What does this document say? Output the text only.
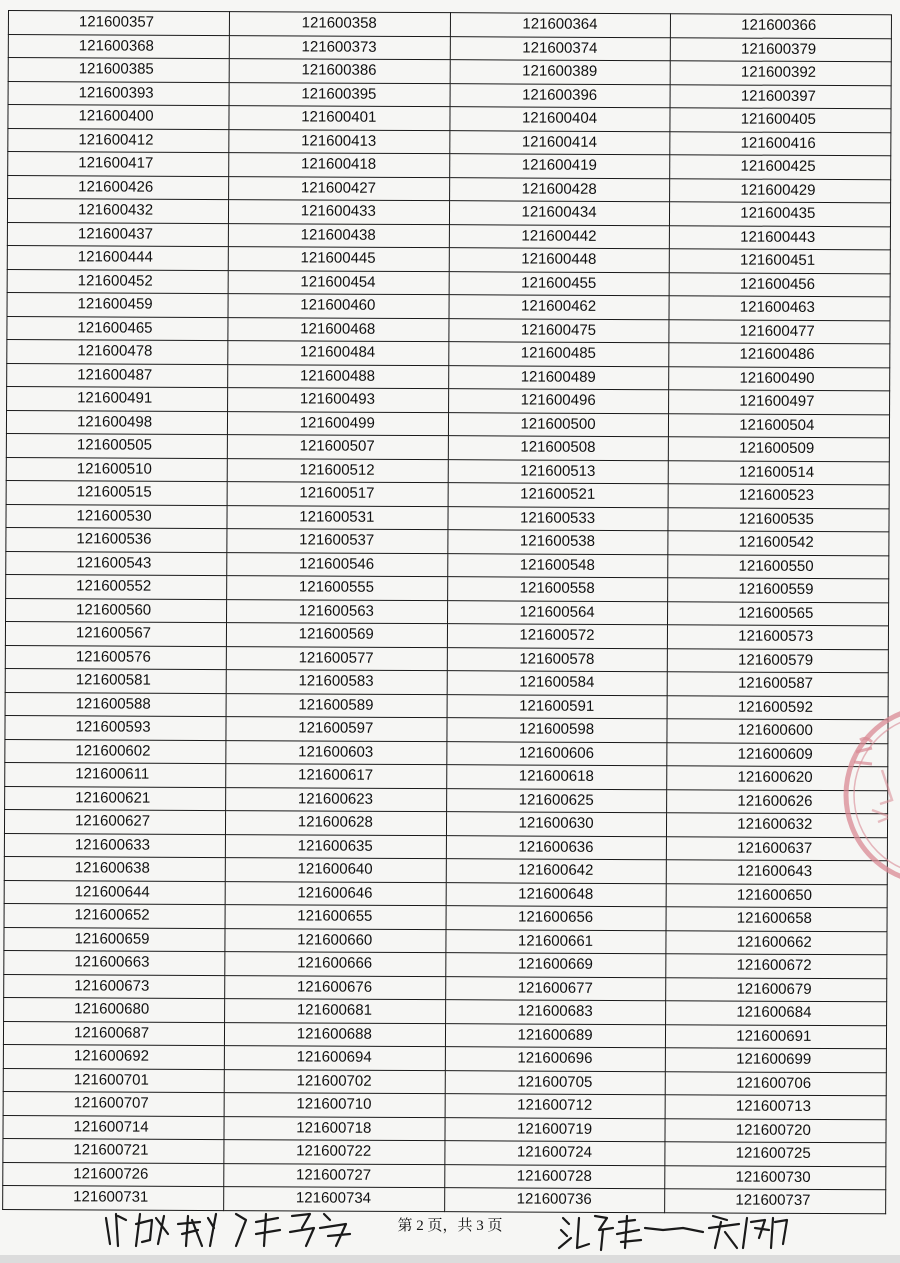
121600357	121600358	121600364	121600366
121600368	121600373	121600374	121600379
121600385	121600386	121600389	121600392
121600393	121600395	121600396	121600397
121600400	121600401	121600404	121600405
121600412	121600413	121600414	121600416
121600417	121600418	121600419	121600425
121600426	121600427	121600428	121600429
121600432	121600433	121600434	121600435
121600437	121600438	121600442	121600443
121600444	121600445	121600448	121600451
121600452	121600454	121600455	121600456
121600459	121600460	121600462	121600463
121600465	121600468	121600475	121600477
121600478	121600484	121600485	121600486
121600487	121600488	121600489	121600490
121600491	121600493	121600496	121600497
121600498	121600499	121600500	121600504
121600505	121600507	121600508	121600509
121600510	121600512	121600513	121600514
121600515	121600517	121600521	121600523
121600530	121600531	121600533	121600535
121600536	121600537	121600538	121600542
121600543	121600546	121600548	121600550
121600552	121600555	121600558	121600559
121600560	121600563	121600564	121600565
121600567	121600569	121600572	121600573
121600576	121600577	121600578	121600579
121600581	121600583	121600584	121600587
121600588	121600589	121600591	121600592
121600593	121600597	121600598	121600600
121600602	121600603	121600606	121600609
121600611	121600617	121600618	121600620
121600621	121600623	121600625	121600626
121600627	121600628	121600630	121600632
121600633	121600635	121600636	121600637
121600638	121600640	121600642	121600643
121600644	121600646	121600648	121600650
121600652	121600655	121600656	121600658
121600659	121600660	121600661	121600662
121600663	121600666	121600669	121600672
121600673	121600676	121600677	121600679
121600680	121600681	121600683	121600684
121600687	121600688	121600689	121600691
121600692	121600694	121600696	121600699
121600701	121600702	121600705	121600706
121600707	121600710	121600712	121600713
121600714	121600718	121600719	121600720
121600721	121600722	121600724	121600725
121600726	121600727	121600728	121600730
121600731	121600734	121600736	121600737
第 2 页，共 3 页
